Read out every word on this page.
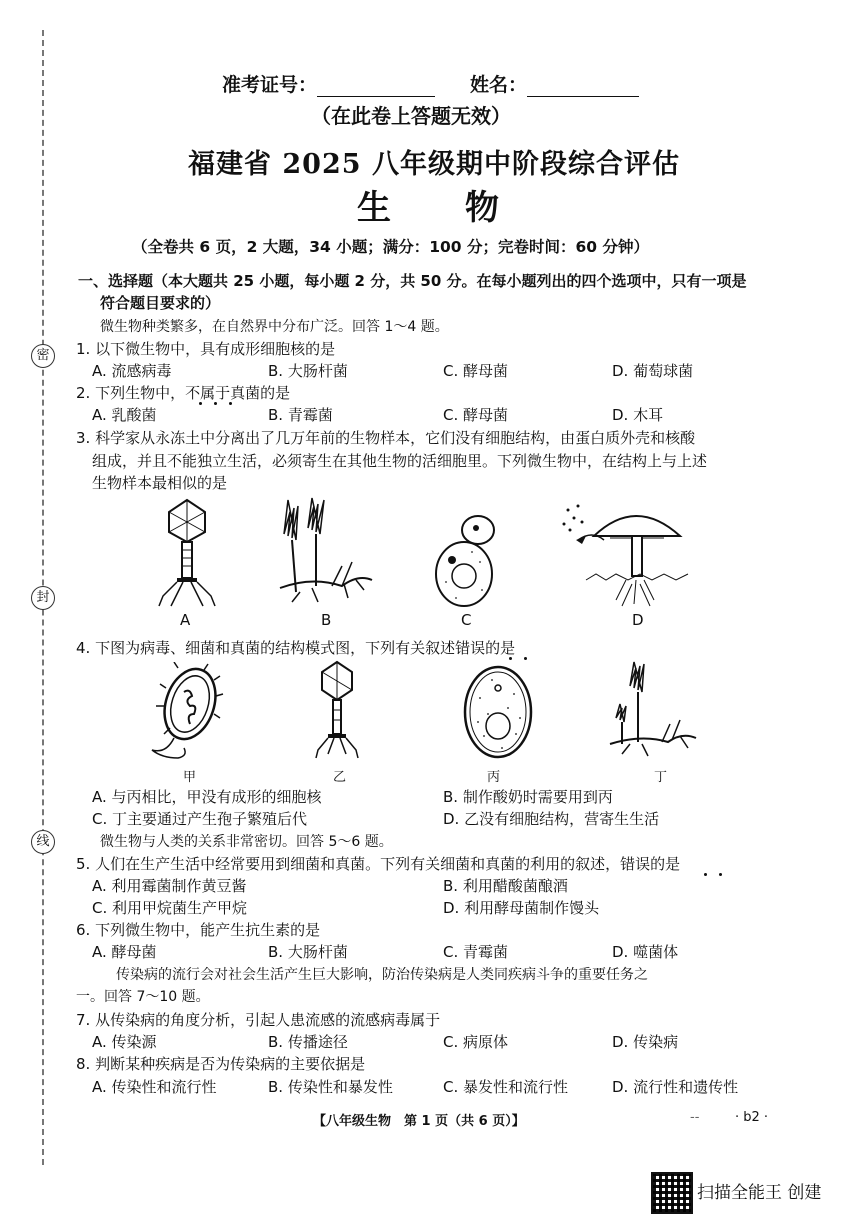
密
封
线
准考证号：	姓名：
（在此卷上答题无效）
福建省 2025 八年级期中阶段综合评估
生　　物
（全卷共 6 页，2 大题，34 小题；满分：100 分；完卷时间：60 分钟）
一、选择题（本大题共 25 小题，每小题 2 分，共 50 分。在每小题列出的四个选项中，只有一项是
符合题目要求的）
微生物种类繁多，在自然界中分布广泛。回答 1～4 题。
1. 以下微生物中，具有成形细胞核的是
A. 流感病毒	B. 大肠杆菌	C. 酵母菌	D. 葡萄球菌
2. 下列生物中，不属于真菌的是
A. 乳酸菌	B. 青霉菌	C. 酵母菌	D. 木耳
3. 科学家从永冻土中分离出了几万年前的生物样本，它们没有细胞结构，由蛋白质外壳和核酸
组成，并且不能独立生活，必须寄生在其他生物的活细胞里。下列微生物中，在结构上与上述
生物样本最相似的是
A	B	C	D
4. 下图为病毒、细菌和真菌的结构模式图，下列有关叙述错误的是
甲	乙	丙	丁
A. 与丙相比，甲没有成形的细胞核	B. 制作酸奶时需要用到丙
C. 丁主要通过产生孢子繁殖后代	D. 乙没有细胞结构，营寄生生活
微生物与人类的关系非常密切。回答 5～6 题。
5. 人们在生产生活中经常要用到细菌和真菌。下列有关细菌和真菌的利用的叙述，错误的是
A. 利用霉菌制作黄豆酱	B. 利用醋酸菌酿酒
C. 利用甲烷菌生产甲烷	D. 利用酵母菌制作馒头
6. 下列微生物中，能产生抗生素的是
A. 酵母菌	B. 大肠杆菌	C. 青霉菌	D. 噬菌体
传染病的流行会对社会生活产生巨大影响，防治传染病是人类同疾病斗争的重要任务之
一。回答 7～10 题。
7. 从传染病的角度分析，引起人患流感的流感病毒属于
A. 传染源	B. 传播途径	C. 病原体	D. 传染病
8. 判断某种疾病是否为传染病的主要依据是
A. 传染性和流行性	B. 传染性和暴发性	C. 暴发性和流行性	D. 流行性和遗传性
【八年级生物　第 1 页（共 6 页）】	--	· b2 ·
扫描全能王 创建
